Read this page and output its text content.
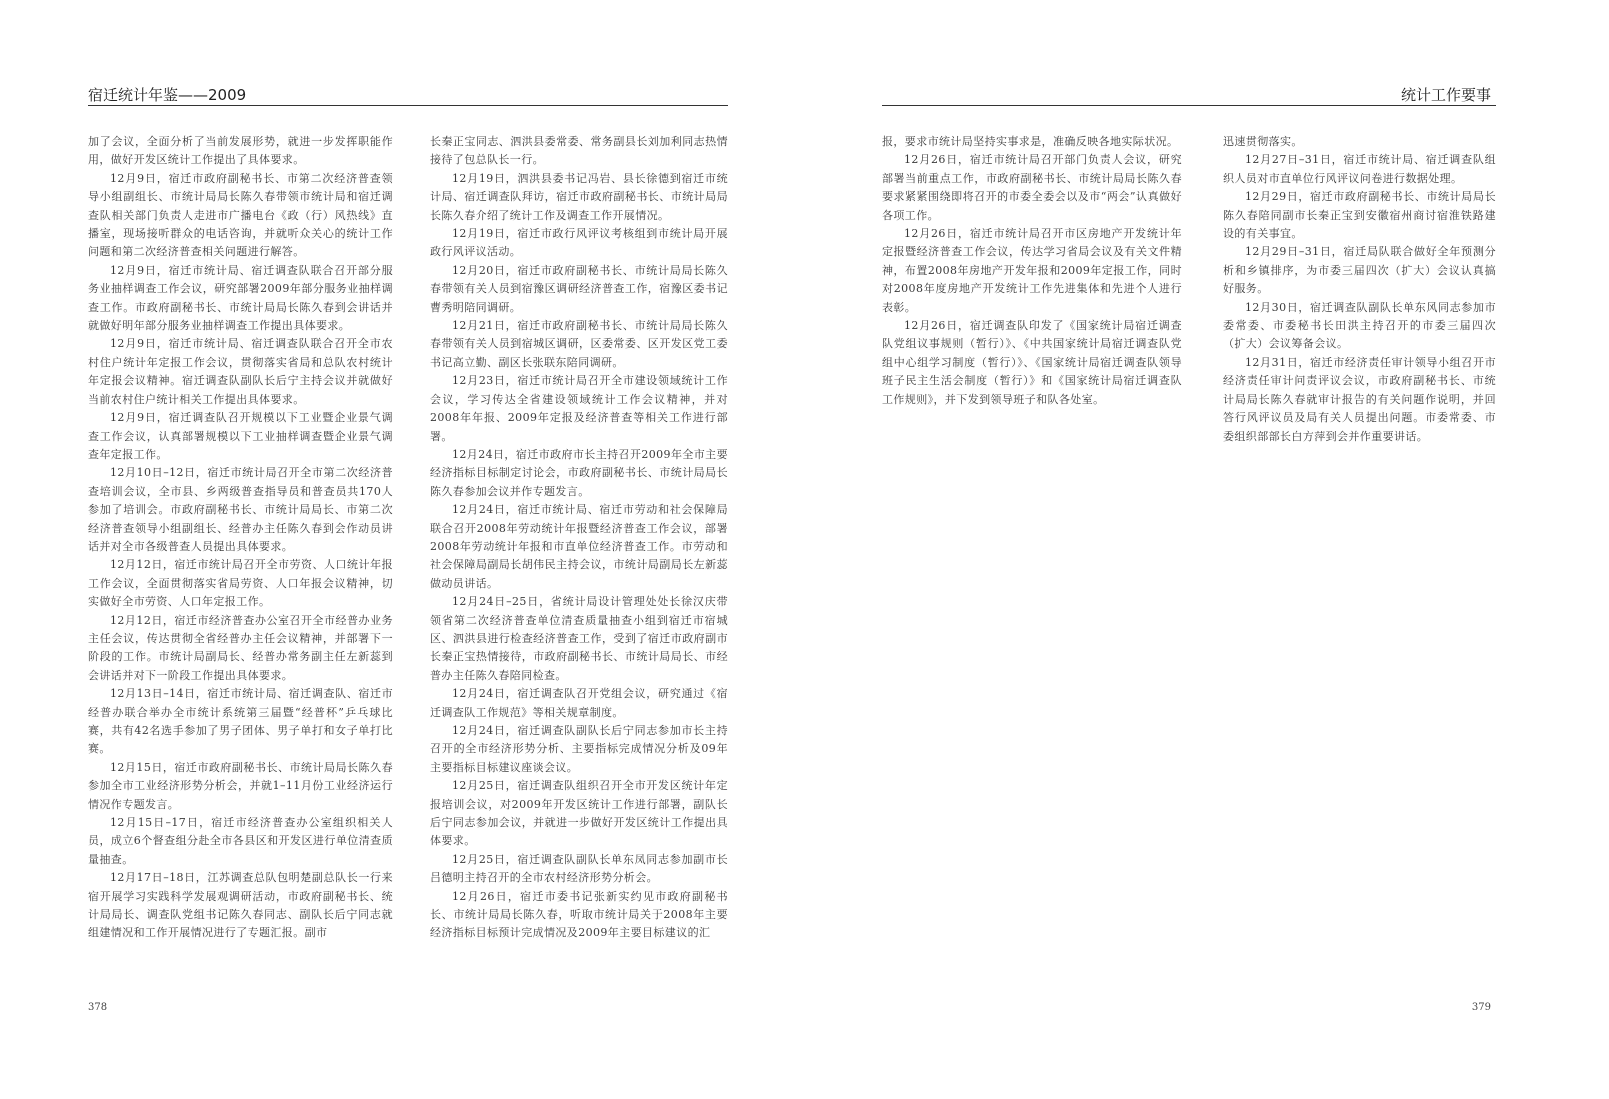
宿迁统计年鉴——2009

加了会议，全面分析了当前发展形势，就进一步发挥职能作用，做好开发区统计工作提出了具体要求。

12月9日，宿迁市政府副秘书长、市第二次经济普查领导小组副组长、市统计局局长陈久春带领市统计局和宿迁调查队相关部门负责人走进市广播电台《政（行）风热线》直播室，现场接听群众的电话咨询，并就听众关心的统计工作问题和第二次经济普查相关问题进行解答。

12月9日，宿迁市统计局、宿迁调查队联合召开部分服务业抽样调查工作会议，研究部署2009年部分服务业抽样调查工作。市政府副秘书长、市统计局局长陈久春到会讲话并就做好明年部分服务业抽样调查工作提出具体要求。

12月9日，宿迁市统计局、宿迁调查队联合召开全市农村住户统计年定报工作会议，贯彻落实省局和总队农村统计年定报会议精神。宿迁调查队副队长后宁主持会议并就做好当前农村住户统计相关工作提出具体要求。

12月9日，宿迁调查队召开规模以下工业暨企业景气调查工作会议，认真部署规模以下工业抽样调查暨企业景气调查年定报工作。

12月10日–12日，宿迁市统计局召开全市第二次经济普查培训会议，全市县、乡两级普查指导员和普查员共170人参加了培训会。市政府副秘书长、市统计局局长、市第二次经济普查领导小组副组长、经普办主任陈久春到会作动员讲话并对全市各级普查人员提出具体要求。

12月12日，宿迁市统计局召开全市劳资、人口统计年报工作会议，全面贯彻落实省局劳资、人口年报会议精神，切实做好全市劳资、人口年定报工作。

12月12日，宿迁市经济普查办公室召开全市经普办业务主任会议，传达贯彻全省经普办主任会议精神，并部署下一阶段的工作。市统计局副局长、经普办常务副主任左新蕊到会讲话并对下一阶段工作提出具体要求。

12月13日–14日，宿迁市统计局、宿迁调查队、宿迁市经普办联合举办全市统计系统第三届暨“经普杯”乒乓球比赛，共有42名选手参加了男子团体、男子单打和女子单打比赛。

12月15日，宿迁市政府副秘书长、市统计局局长陈久春参加全市工业经济形势分析会，并就1–11月份工业经济运行情况作专题发言。

12月15日–17日，宿迁市经济普查办公室组织相关人员，成立6个督查组分赴全市各县区和开发区进行单位清查质量抽查。

12月17日–18日，江苏调查总队包明楚副总队长一行来宿开展学习实践科学发展观调研活动，市政府副秘书长、统计局局长、调查队党组书记陈久春同志、副队长后宁同志就组建情况和工作开展情况进行了专题汇报。副市

长秦正宝同志、泗洪县委常委、常务副县长刘加利同志热情接待了包总队长一行。

12月19日，泗洪县委书记冯岩、县长徐德到宿迁市统计局、宿迁调查队拜访，宿迁市政府副秘书长、市统计局局长陈久春介绍了统计工作及调查工作开展情况。

12月19日，宿迁市政行风评议考核组到市统计局开展政行风评议活动。

12月20日，宿迁市政府副秘书长、市统计局局长陈久春带领有关人员到宿豫区调研经济普查工作，宿豫区委书记曹秀明陪同调研。

12月21日，宿迁市政府副秘书长、市统计局局长陈久春带领有关人员到宿城区调研，区委常委、区开发区党工委书记高立勤、副区长张联东陪同调研。

12月23日，宿迁市统计局召开全市建设领域统计工作会议，学习传达全省建设领域统计工作会议精神，并对2008年年报、2009年定报及经济普查等相关工作进行部署。

12月24日，宿迁市政府市长主持召开2009年全市主要经济指标目标制定讨论会，市政府副秘书长、市统计局局长陈久春参加会议并作专题发言。

12月24日，宿迁市统计局、宿迁市劳动和社会保障局联合召开2008年劳动统计年报暨经济普查工作会议，部署2008年劳动统计年报和市直单位经济普查工作。市劳动和社会保障局副局长胡伟民主持会议，市统计局副局长左新蕊做动员讲话。

12月24日–25日，省统计局设计管理处处长徐汉庆带领省第二次经济普查单位清查质量抽查小组到宿迁市宿城区、泗洪县进行检查经济普查工作，受到了宿迁市政府副市长秦正宝热情接待，市政府副秘书长、市统计局局长、市经普办主任陈久春陪同检查。

12月24日，宿迁调查队召开党组会议，研究通过《宿迁调查队工作规范》等相关规章制度。

12月24日，宿迁调查队副队长后宁同志参加市长主持召开的全市经济形势分析、主要指标完成情况分析及09年主要指标目标建议座谈会议。

12月25日，宿迁调查队组织召开全市开发区统计年定报培训会议，对2009年开发区统计工作进行部署，副队长后宁同志参加会议，并就进一步做好开发区统计工作提出具体要求。

12月25日，宿迁调查队副队长单东凤同志参加副市长吕德明主持召开的全市农村经济形势分析会。

12月26日，宿迁市委书记张新实约见市政府副秘书长、市统计局局长陈久春，听取市统计局关于2008年主要经济指标目标预计完成情况及2009年主要目标建议的汇

378
统计工作要事

报，要求市统计局坚持实事求是，准确反映各地实际状况。

12月26日，宿迁市统计局召开部门负责人会议，研究部署当前重点工作，市政府副秘书长、市统计局局长陈久春要求紧紧围绕即将召开的市委全委会以及市“两会”认真做好各项工作。

12月26日，宿迁市统计局召开市区房地产开发统计年定报暨经济普查工作会议，传达学习省局会议及有关文件精神，布置2008年房地产开发年报和2009年定报工作，同时对2008年度房地产开发统计工作先进集体和先进个人进行表彰。

12月26日，宿迁调查队印发了《国家统计局宿迁调查队党组议事规则（暂行）》、《中共国家统计局宿迁调查队党组中心组学习制度（暂行）》、《国家统计局宿迁调查队领导班子民主生活会制度（暂行）》和《国家统计局宿迁调查队工作规则》，并下发到领导班子和队各处室。

迅速贯彻落实。

12月27日–31日，宿迁市统计局、宿迁调查队组织人员对市直单位行风评议问卷进行数据处理。

12月29日，宿迁市政府副秘书长、市统计局局长陈久春陪同副市长秦正宝到安徽宿州商讨宿淮铁路建设的有关事宜。

12月29日–31日，宿迁局队联合做好全年预测分析和乡镇排序，为市委三届四次（扩大）会议认真搞好服务。

12月30日，宿迁调查队副队长单东风同志参加市委常委、市委秘书长田洪主持召开的市委三届四次（扩大）会议筹备会议。

12月31日，宿迁市经济责任审计领导小组召开市经济责任审计问责评议会议，市政府副秘书长、市统计局局长陈久春就审计报告的有关问题作说明，并回答行风评议员及局有关人员提出问题。市委常委、市委组织部部长白方萍到会并作重要讲话。

379
